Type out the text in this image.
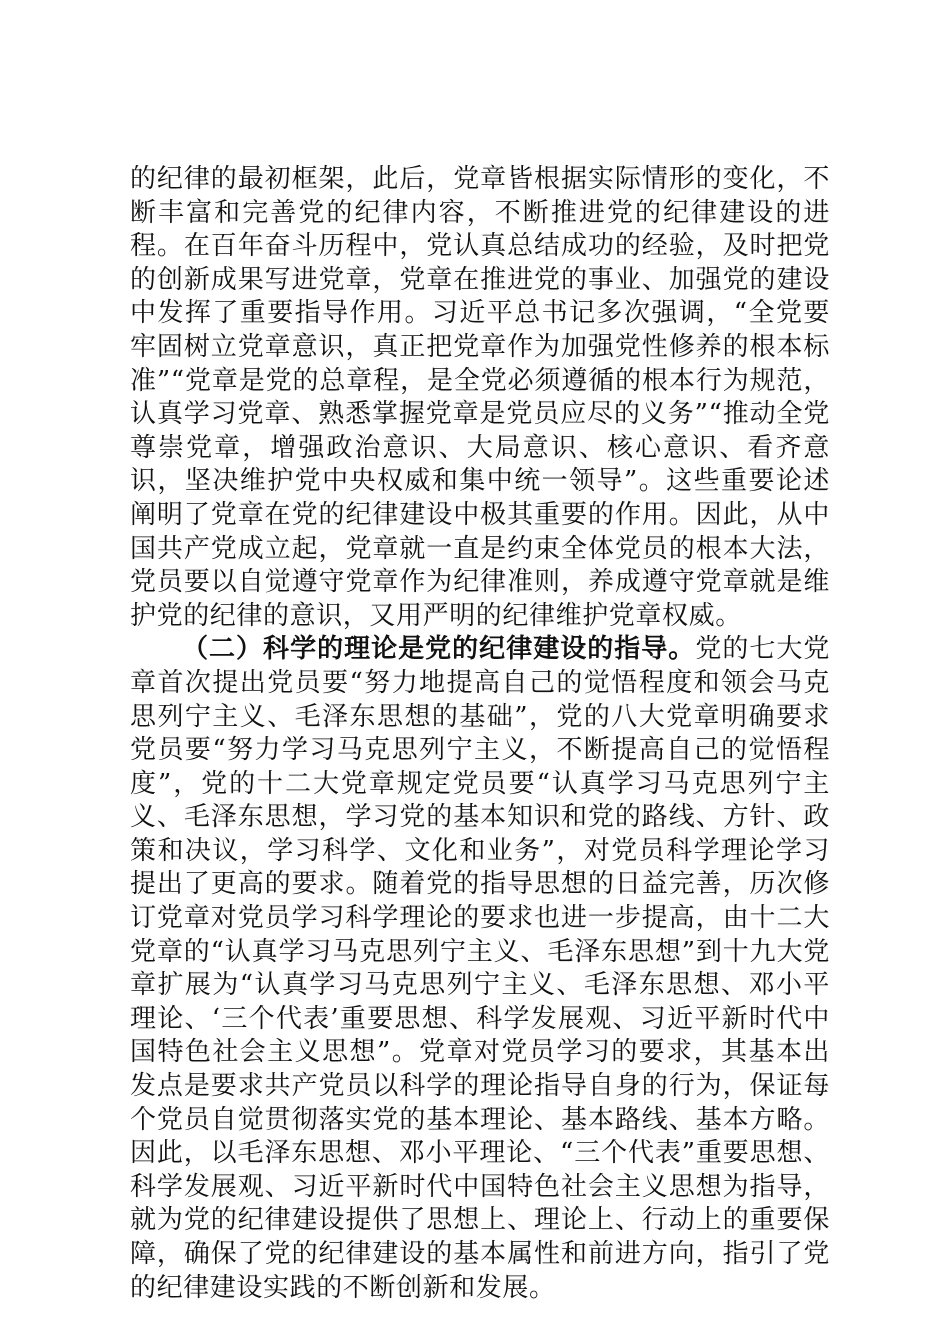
的纪律的最初框架，此后，党章皆根据实际情形的变化，不断丰富和完善党的纪律内容，不断推进党的纪律建设的进程。在百年奋斗历程中，党认真总结成功的经验，及时把党的创新成果写进党章，党章在推进党的事业、加强党的建设中发挥了重要指导作用。习近平总书记多次强调，“全党要牢固树立党章意识，真正把党章作为加强党性修养的根本标准”“党章是党的总章程，是全党必须遵循的根本行为规范，认真学习党章、熟悉掌握党章是党员应尽的义务”“推动全党尊崇党章，增强政治意识、大局意识、核心意识、看齐意识，坚决维护党中央权威和集中统一领导”。这些重要论述阐明了党章在党的纪律建设中极其重要的作用。因此，从中国共产党成立起，党章就一直是约束全体党员的根本大法，党员要以自觉遵守党章作为纪律准则，养成遵守党章就是维护党的纪律的意识，又用严明的纪律维护党章权威。

（二）科学的理论是党的纪律建设的指导。党的七大党章首次提出党员要“努力地提高自己的觉悟程度和领会马克思列宁主义、毛泽东思想的基础”，党的八大党章明确要求党员要“努力学习马克思列宁主义，不断提高自己的觉悟程度”，党的十二大党章规定党员要“认真学习马克思列宁主义、毛泽东思想，学习党的基本知识和党的路线、方针、政策和决议，学习科学、文化和业务”，对党员科学理论学习提出了更高的要求。随着党的指导思想的日益完善，历次修订党章对党员学习科学理论的要求也进一步提高，由十二大党章的“认真学习马克思列宁主义、毛泽东思想”到十九大党章扩展为“认真学习马克思列宁主义、毛泽东思想、邓小平理论、‘三个代表’重要思想、科学发展观、习近平新时代中国特色社会主义思想”。党章对党员学习的要求，其基本出发点是要求共产党员以科学的理论指导自身的行为，保证每个党员自觉贯彻落实党的基本理论、基本路线、基本方略。因此，以毛泽东思想、邓小平理论、“三个代表”重要思想、科学发展观、习近平新时代中国特色社会主义思想为指导，就为党的纪律建设提供了思想上、理论上、行动上的重要保障，确保了党的纪律建设的基本属性和前进方向，指引了党的纪律建设实践的不断创新和发展。
